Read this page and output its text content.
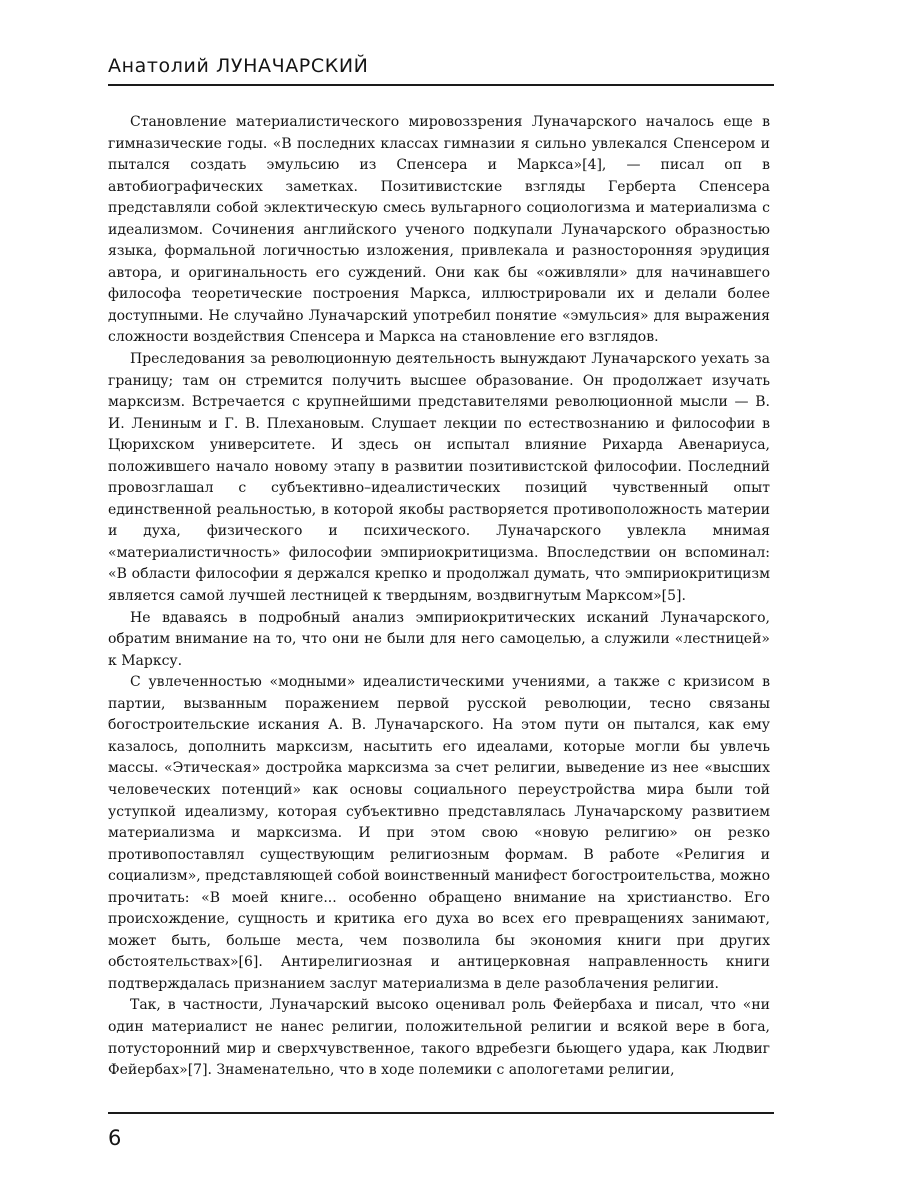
Анатолий ЛУНАЧАРСКИЙ

Становление материалистического мировоззрения Луначарского началось еще в гимназические годы. «В последних классах гимназии я сильно увлекался Спенсером и пытался создать эмульсию из Спенсера и Маркса»[4], — писал оп в автобиографических заметках. Позитивистские взгляды Герберта Спенсера представляли собой эклектическую смесь вульгарного социологизма и материализма с идеализмом. Сочинения английского ученого подкупали Луначарского образностью языка, формальной логичностью изложения, привлекала и разносторонняя эрудиция автора, и оригинальность его суждений. Они как бы «оживляли» для начинавшего философа теоретические построения Маркса, иллюстрировали их и делали более доступными. Не случайно Луначарский употребил понятие «эмульсия» для выражения сложности воздействия Спенсера и Маркса на становление его взглядов.

Преследования за революционную деятельность вынуждают Луначарского уехать за границу; там он стремится получить высшее образование. Он продолжает изучать марксизм. Встречается с крупнейшими представителями революционной мысли — В. И. Лениным и Г. В. Плехановым. Слушает лекции по естествознанию и философии в Цюрихском университете. И здесь он испытал влияние Рихарда Авенариуса, положившего начало новому этапу в развитии позитивистской философии. Последний провозглашал с субъективно–идеалистических позиций чувственный опыт единственной реальностью, в которой якобы растворяется противоположность материи и духа, физического и психического. Луначарского увлекла мнимая «материалистичность» философии эмпириокритицизма. Впоследствии он вспоминал: «В области философии я держался крепко и продолжал думать, что эмпириокритицизм является самой лучшей лестницей к твердыням, воздвигнутым Марксом»[5].

Не вдаваясь в подробный анализ эмпириокритических исканий Луначарского, обратим внимание на то, что они не были для него самоцелью, а служили «лестницей» к Марксу.

С увлеченностью «модными» идеалистическими учениями, а также с кризисом в партии, вызванным поражением первой русской революции, тесно связаны богостроительские искания А. В. Луначарского. На этом пути он пытался, как ему казалось, дополнить марксизм, насытить его идеалами, которые могли бы увлечь массы. «Этическая» достройка марксизма за счет религии, выведение из нее «высших человеческих потенций» как основы социального переустройства мира были той уступкой идеализму, которая субъективно представлялась Луначарскому развитием материализма и марксизма. И при этом свою «новую религию» он резко противопоставлял существующим религиозным формам. В работе «Религия и социализм», представляющей собой воинственный манифест богостроительства, можно прочитать: «В моей книге... особенно обращено внимание на христианство. Его происхождение, сущность и критика его духа во всех его превращениях занимают, может быть, больше места, чем позволила бы экономия книги при других обстоятельствах»[6]. Антирелигиозная и антицерковная направленность книги подтверждалась признанием заслуг материализма в деле разоблачения религии.

Так, в частности, Луначарский высоко оценивал роль Фейербаха и писал, что «ни один материалист не нанес религии, положительной религии и всякой вере в бога, потусторонний мир и сверхчувственное, такого вдребезги бьющего удара, как Людвиг Фейербах»[7]. Знаменательно, что в ходе полемики с апологетами религии,

6
